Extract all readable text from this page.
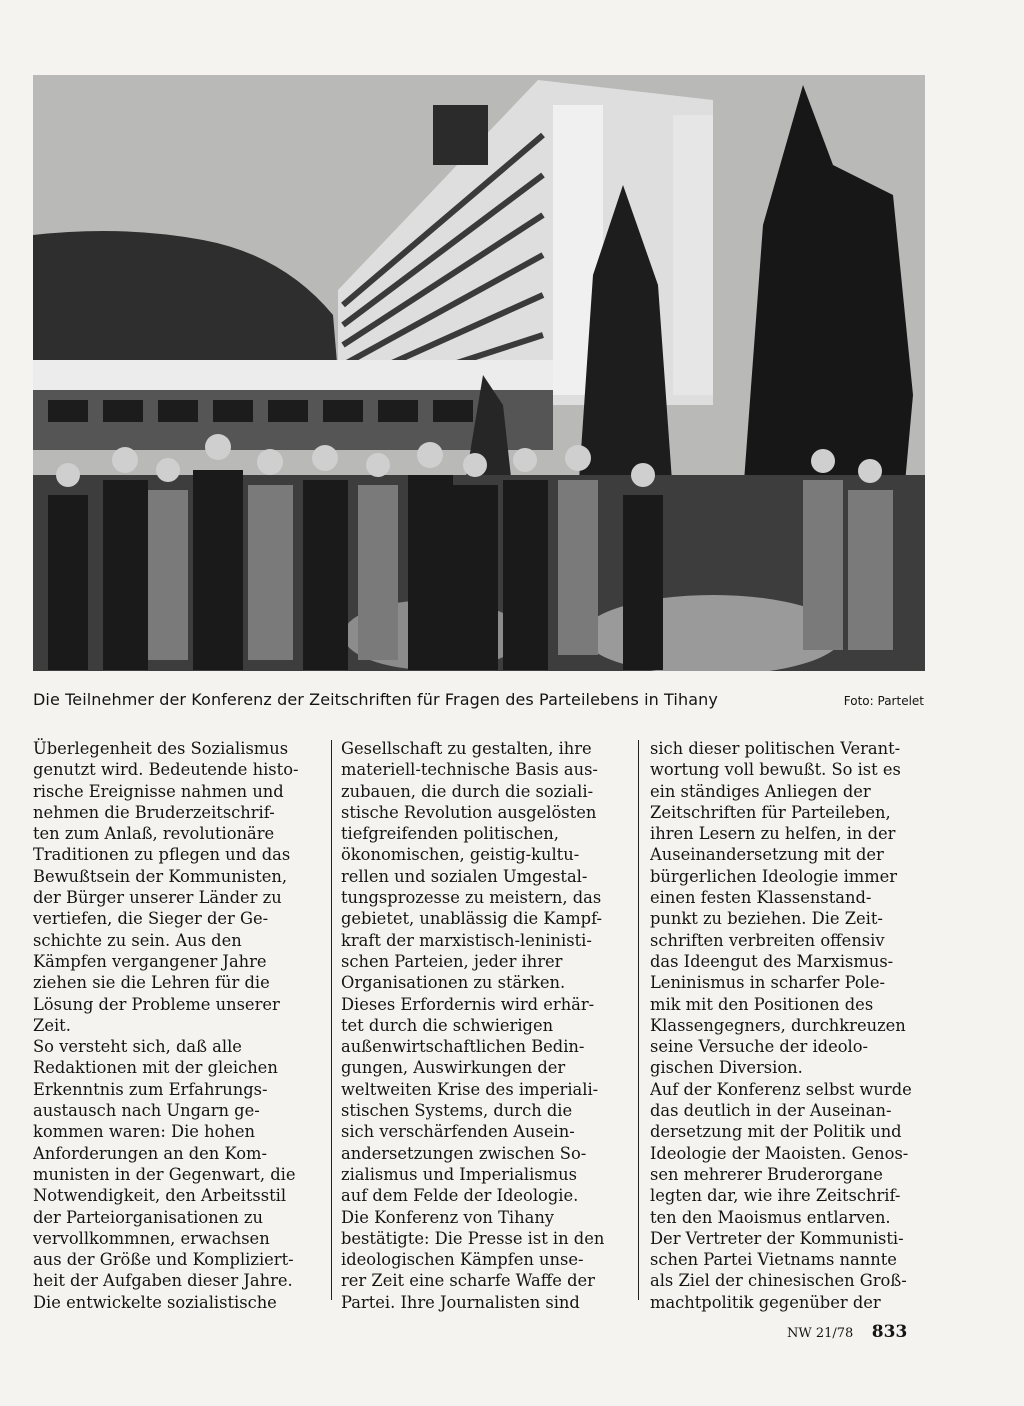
Die Teilnehmer der Konferenz der Zeitschriften für Fragen des Parteilebens in Tihany	Foto: Partelet
Überlegenheit des Sozialismus
genutzt wird. Bedeutende histo-
rische Ereignisse nahmen und
nehmen die Bruderzeitschrif-
ten zum Anlaß, revolutionäre
Traditionen zu pflegen und das
Bewußtsein der Kommunisten,
der Bürger unserer Länder zu
vertiefen, die Sieger der Ge-
schichte zu sein. Aus den
Kämpfen vergangener Jahre
ziehen sie die Lehren für die
Lösung der Probleme unserer
Zeit.
So versteht sich, daß alle
Redaktionen mit der gleichen
Erkenntnis zum Erfahrungs-
austausch nach Ungarn ge-
kommen waren: Die hohen
Anforderungen an den Kom-
munisten in der Gegenwart, die
Notwendigkeit, den Arbeitsstil
der Parteiorganisationen zu
vervollkommnen, erwachsen
aus der Größe und Kompliziert-
heit der Aufgaben dieser Jahre.
Die entwickelte sozialistische
Gesellschaft zu gestalten, ihre
materiell-technische Basis aus-
zubauen, die durch die soziali-
stische Revolution ausgelösten
tiefgreifenden politischen,
ökonomischen, geistig-kultu-
rellen und sozialen Umgestal-
tungsprozesse zu meistern, das
gebietet, unablässig die Kampf-
kraft der marxistisch-leninisti-
schen Parteien, jeder ihrer
Organisationen zu stärken.
Dieses Erfordernis wird erhär-
tet durch die schwierigen
außenwirtschaftlichen Bedin-
gungen, Auswirkungen der
weltweiten Krise des imperiali-
stischen Systems, durch die
sich verschärfenden Ausein-
andersetzungen zwischen So-
zialismus und Imperialismus
auf dem Felde der Ideologie.
Die Konferenz von Tihany
bestätigte: Die Presse ist in den
ideologischen Kämpfen unse-
rer Zeit eine scharfe Waffe der
Partei. Ihre Journalisten sind
sich dieser politischen Verant-
wortung voll bewußt. So ist es
ein ständiges Anliegen der
Zeitschriften für Parteileben,
ihren Lesern zu helfen, in der
Auseinandersetzung mit der
bürgerlichen Ideologie immer
einen festen Klassenstand-
punkt zu beziehen. Die Zeit-
schriften verbreiten offensiv
das Ideengut des Marxismus-
Leninismus in scharfer Pole-
mik mit den Positionen des
Klassengegners, durchkreuzen
seine Versuche der ideolo-
gischen Diversion.
Auf der Konferenz selbst wurde
das deutlich in der Auseinan-
dersetzung mit der Politik und
Ideologie der Maoisten. Genos-
sen mehrerer Bruderorgane
legten dar, wie ihre Zeitschrif-
ten den Maoismus entlarven.
Der Vertreter der Kommunisti-
schen Partei Vietnams nannte
als Ziel der chinesischen Groß-
machtpolitik gegenüber der
NW 21/78 833
